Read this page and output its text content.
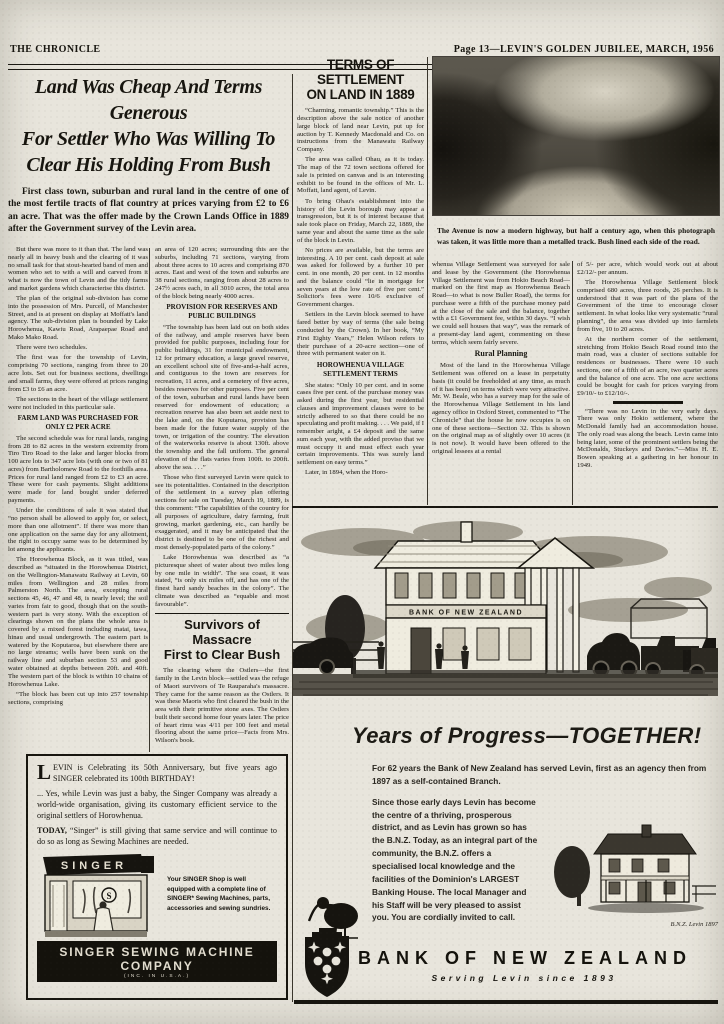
THE CHRONICLE	Page 13—LEVIN'S GOLDEN JUBILEE, MARCH, 1956
Land Was Cheap And Terms Generous
For Settler Who Was Willing To
Clear His Holding From Bush

First class town, suburban and rural land in the centre of one of the most fertile tracts of flat country at prices varying from £2 to £6 an acre. That was the offer made by the Crown Lands Office in 1889 after the Government survey of the Levin area.

But there was more to it than that. The land was nearly all in heavy bush and the clearing of it was no small task for that stout-hearted band of men and women who set to with a will and carved from it what is now the town of Levin and the tidy farms and market gardens which characterise this district.

The plan of the original sub-division has come into the possession of Mrs. Purcell, of Manchester Street, and is at present on display at Moffatt's land agency. The sub-division plan is bounded by Lake Horowhenua, Kawiu Road, Arapaepae Road and Mako Mako Road.

There were two schedules.

The first was for the township of Levin, comprising 70 sections, ranging from three to 20 acre lots. Set out for business sections, dwellings and small farms, they were offered at prices ranging from £3 to £6 an acre.

The sections in the heart of the village settlement were not included in this particular sale.

FARM LAND WAS PURCHASED FOR ONLY £2 PER ACRE

The second schedule was for rural lands, ranging from 28 to 82 acres in the western extremity from Tiro Tiro Road to the lake and larger blocks from 100 acre lots to 347 acre lots (with one or two of 81 acres) from Bartholomew Road to the foothills area. Prices for rural land ranged from £2 to £3 an acre. These were for cash payments. Slight additions were made for land bought under deferred payments.

Under the conditions of sale it was stated that “no person shall be allowed to apply for, or select, more than one allotment”. If there was more than one application on the same day for any allotment, the right to occupy same was to be determined by lot among the applicants.

The Horowhenua Block, as it was titled, was described as “situated in the Horowhenua District, on the Wellington-Manawatu Railway at Levin, 60 miles from Wellington and 28 miles from Palmerston North. The area, excepting rural sections 45, 46, 47 and 48, is nearly level; the soil varies from fair to good, though that on the south-western part is very stony. With the exception of clearings shown on the plans the whole area is covered by a mixed forest including matai, tawa, hinau and usual undergrowth. The eastern part is watered by the Koputaroa, but elsewhere there are no large streams; wells have been sunk on the railway line and suburban section 53 and good water obtained at depths between 20ft. and 40ft. The western part of the block is within 10 chains of Horowhenua Lake.

“The block has been cut up into 257 township sections, comprising

an area of 120 acres; surrounding this are the suburbs, including 71 sections, varying from about three acres to 10 acres and comprising 870 acres. East and west of the town and suburbs are 38 rural sections, ranging from about 28 acres to 247½ acres each, in all 3010 acres, the total area of the block being nearly 4000 acres.

PROVISION FOR RESERVES AND PUBLIC BUILDINGS

“The township has been laid out on both sides of the railway, and ample reserves have been provided for public purposes, including four for public buildings, 31 for municipal endowment, 12 for primary education, a large gravel reserve, an excellent school site of five-and-a-half acres, and contiguous to the town are reserves for recreation, 11 acres, and a cemetery of five acres, besides reserves for other purposes. Five per cent of the town, suburban and rural lands have been reserved for endowment of education; a recreation reserve has also been set aside next to the lake and, on the Koputaroa, provision has been made for the future water supply of the town, or irrigation of the country. The elevation of the waterworks reserve is about 130ft. above the township and the fall uniform. The general elevation of the flats varies from 100ft. to 200ft. above the sea. . . .”

Those who first surveyed Levin were quick to see its potentialities. Contained in the description of the settlement in a survey plan offering sections for sale on Tuesday, March 19, 1889, is this comment: “The capabilities of the country for all purposes of agriculture, dairy farming, fruit growing, market gardening, etc., can hardly be exaggerated, and it may be anticipated that the district is destined to be one of the richest and most densely-populated parts of the colony.”

Lake Horowhenua was described as “a picturesque sheet of water about two miles long by one mile in width”. The sea coast, it was stated, “is only six miles off, and has one of the finest hard sandy beaches in the colony”. The climate was described as “equable and most favourable”.

Survivors of Massacre
First to Clear Bush

The clearing where the Ostlers—the first family in the Levin block—settled was the refuge of Maori survivors of Te Rauparaha's massacre. They came for the same reason as the Ostlers. It was these Maoris who first cleared the bush in the area with their primitive stone axes. The Ostlers built their second home four years later. The price of heart rimu was 4/11 per 100 feet and metal flooring about the same price—Facts from Mrs. Wilson's book.

TERMS OF SETTLEMENT
ON LAND IN 1889

“Charming, romantic township.” This is the description above the sale notice of another large block of land near Levin, put up for auction by T. Kennedy Macdonald and Co. on instructions from the Manawatu Railway Company.

The area was called Ohau, as it is today. The map of the 72 town sections offered for sale is printed on canvas and is an interesting exhibit to be found in the offices of Mr. L. Moffatt, land agent, of Levin.

To bring Ohau's establishment into the history of the Levin borough may appear a transgression, but it is of interest because that sale took place on Friday, March 22, 1889, the same year and about the same time as the sale of the block in Levin.

No prices are available, but the terms are interesting. A 10 per cent. cash deposit at sale was asked for followed by a further 10 per cent. in one month, 20 per cent. in 12 months and the balance could “lie in mortgage for seven years at the low rate of five per cent.” Solicitor's fees were 10/6 exclusive of Government charges.

Settlers in the Levin block seemed to have fared better by way of terms (the sale being conducted by the Crown). In her book, “My First Eighty Years,” Helen Wilson refers to their purchase of a 20-acre section—one of three with permanent water on it.

HOROWHENUA VILLAGE SETTLEMENT TERMS

She states: “Only 10 per cent. and in some cases five per cent. of the purchase money was asked during the first year, but residential clauses and improvement clauses were to be strictly adhered to so that there could be no speculating and profit making. . . . We paid, if I remember aright, a £4 deposit and the same sum each year, with the added proviso that we must occupy it and must effect each year certain improvements. This was surely land settlement on easy terms.”

Later, in 1894, when the Horo-

The Avenue is now a modern highway, but half a century ago, when this photograph was taken, it was little more than a metalled track. Bush lined each side of the road.

whenua Village Settlement was surveyed for sale and lease by the Government (the Horowhenua Village Settlement was from Hokio Beach Road—marked on the first map as Horowhenua Beach Road—to what is now Buller Road), the terms for purchase were a fifth of the purchase money paid at the close of the sale and the balance, together with a £1 Government fee, within 30 days. “I wish we could sell houses that way”, was the remark of a present-day land agent, commenting on these terms, which seem fairly severe.

Rural Planning

Most of the land in the Horowhenua Village Settlement was offered on a lease in perpetuity basis (it could be freeholded at any time, as much of it has been) on terms which were very attractive. Mr. W. Beale, who has a survey map for the sale of the Horowhenua Village Settlement in his land agency office in Oxford Street, commented to “The Chronicle” that the house he now occupies is on one of these sections—Section 32. This is shown on the original map as of slightly over 10 acres (it is not now). It would have been offered to the original lessees at a rental

of 5/- per acre, which would work out at about £2/12/- per annum.

The Horowhenua Village Settlement block comprised 680 acres, three roods, 26 perches. It is understood that it was part of the plans of the Government of the time to encourage closer settlement. In what looks like very systematic “rural planning”, the area was divided up into farmlets from five, 10 to 20 acres.

At the northern corner of the settlement, stretching from Hokio Beach Road round into the main road, was a cluster of sections suitable for residences or businesses. There were 10 such sections, one of a fifth of an acre, two quarter acres and the balance of one acre. The one acre sections could be bought for cash for prices varying from £9/10/- to £12/10/-.

“There was no Levin in the very early days. There was only Hokio settlement, where the McDonald family had an accommodation house. The only road was along the beach. Levin came into being later, some of the prominent settlers being the McDonalds, Stuckeys and Davies.”—Miss H. E. Bowen speaking at a gathering in her honour in 1949.

BANK OF NEW ZEALAND
Years of Progress—TOGETHER!

For 62 years the Bank of New Zealand has served Levin, first as an agency then from 1897 as a self-contained Branch.

B.N.Z. Levin 1897

Since those early days Levin has become the centre of a thriving, prosperous district, and as Levin has grown so has the B.N.Z. Today, as an integral part of the community, the B.N.Z. offers a specialised local knowledge and the facilities of the Dominion's LARGEST Banking House. The local Manager and his Staff will be very pleased to assist you. You are cordially invited to call.

BANK OF NEW ZEALAND
Serving Levin since 1893

LEVIN is Celebrating its 50th Anniversary, but five years ago SINGER celebrated its 100th BIRTHDAY!

... Yes, while Levin was just a baby, the Singer Company was already a world-wide organisation, giving its customary efficient service to the original settlers of Horowhenua.

TODAY, “Singer” is still giving that same service and will continue to do so as long as Sewing Machines are needed.

SINGER
S
Your SINGER Shop is well equipped with a complete line of SINGER* Sewing Machines, parts, accessories and sewing sundries.
SINGER SEWING MACHINE COMPANY
(INC. IN U.S.A.)
